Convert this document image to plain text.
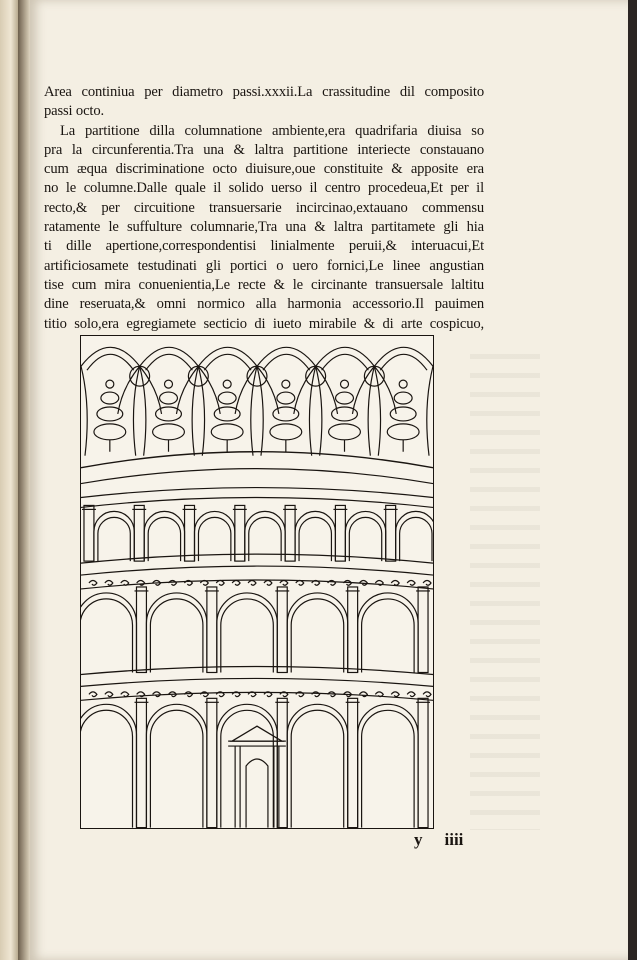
Area continiua per diametro passi.xxxii.La crassitudine dil composito
passi octo.
La partitione dilla columnatione ambiente,era quadrifaria diuisa so
pra la circunferentia.Tra una & laltra partitione interiecte constauano
cum æqua discriminatione octo diuisure,oue constituite & apposite era
no le columne.Dalle quale il solido uerso il centro procedeua,Et per il
recto,& per circuitione transuersarie incircinao,extauano commensu
ratamente le suffulture columnarie,Tra una & laltra partitamete gli hia
ti dille apertione,correspondentisi linialmente peruii,& interuacui,Et
artificiosamete testudinati gli portici o uero fornici,Le linee angustian
tise cum mira conuenientia,Le recte & le circinante transuersale laltitu
dine reseruata,& omni normico alla harmonia accessorio.Il pauimen
titio solo,era egregiamete secticio di iueto mirabile & di arte cospicuo,
y iiii
